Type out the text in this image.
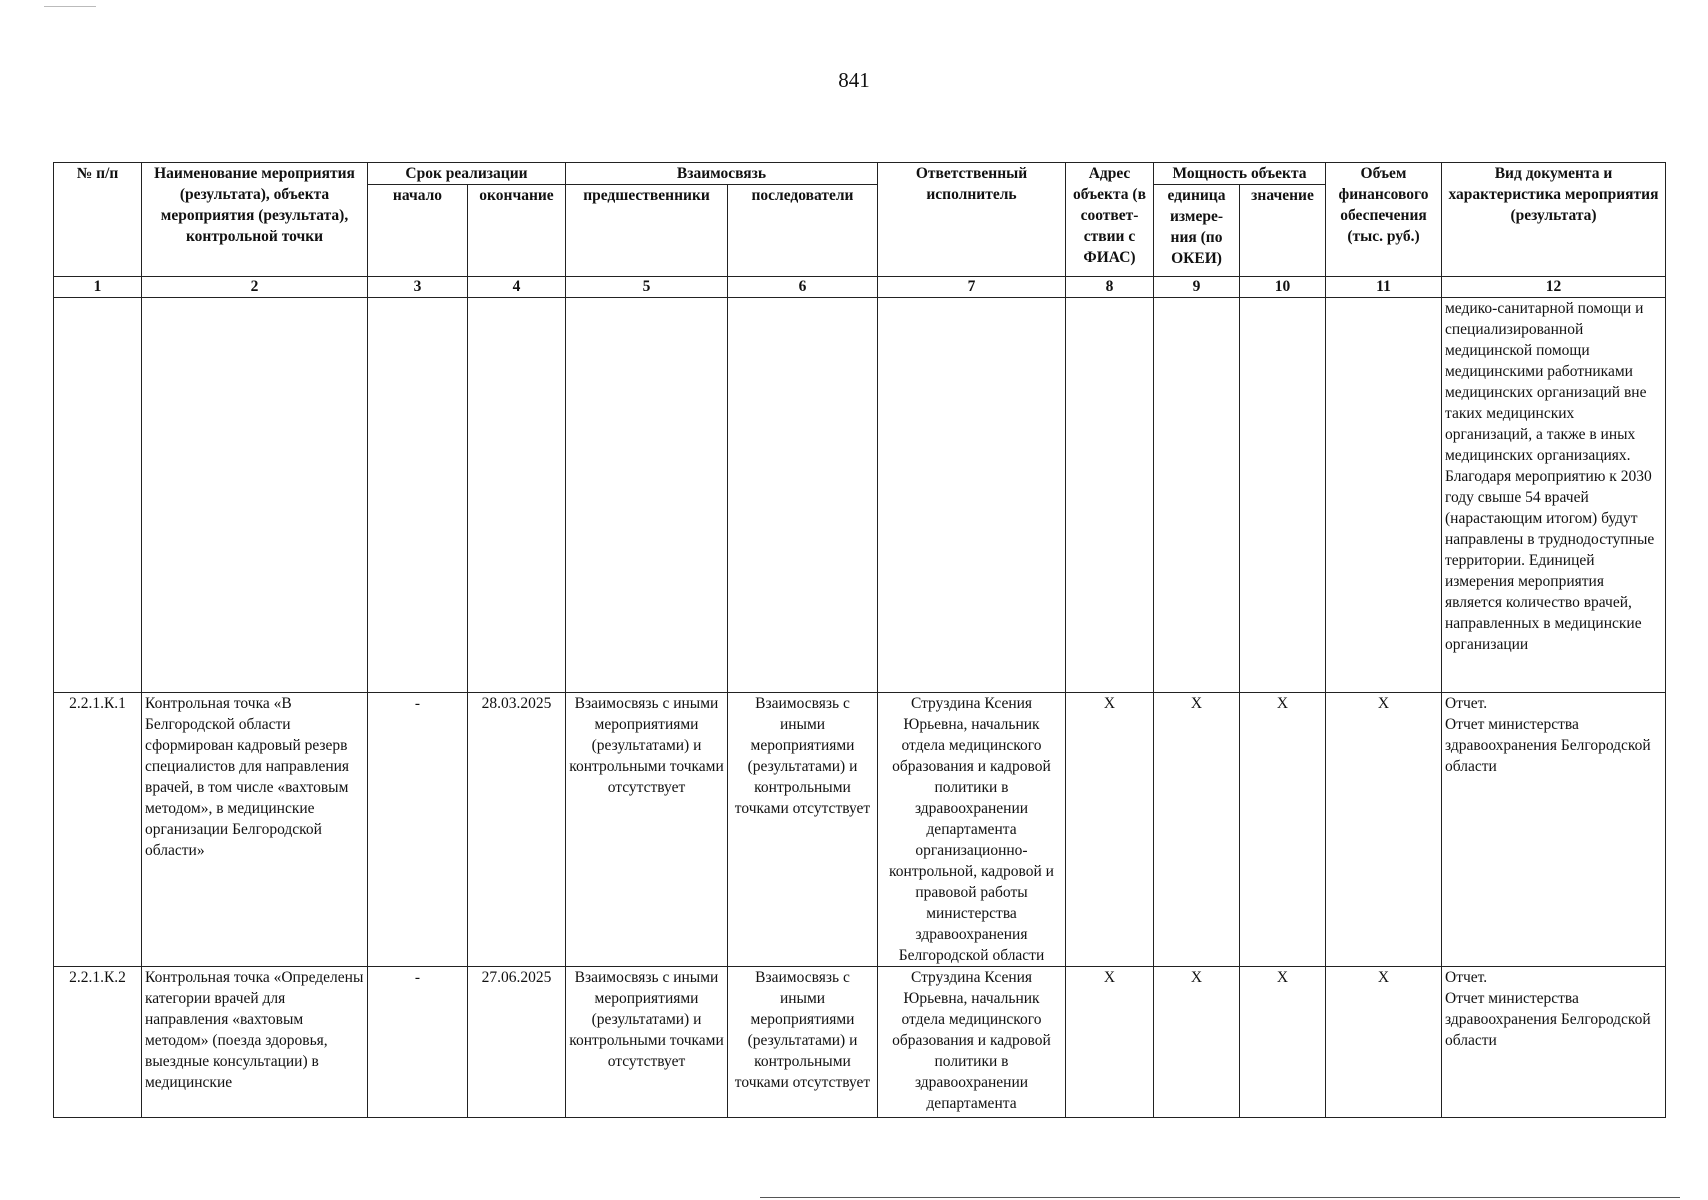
841
№ п/п	Наименование мероприятия (результата), объекта мероприятия (результата), контрольной точки	Срок реализации		Взаимосвязь		Ответственный исполнитель	Адрес объекта (в соответ-ствии с ФИАС)	Мощность объекта		Объем финансового обеспечения (тыс. руб.)	Вид документа и характеристика мероприятия (результата)
		начало	окончание	предшественники	последователи			единица измере-ния (по ОКЕИ)	значение		
1	2	3	4	5	6	7	8	9	10	11	12
											медико-санитарной помощи и специализированной медицинской помощи медицинскими работниками медицинских организаций вне таких медицинских организаций, а также в иных медицинских организациях. Благодаря мероприятию к 2030 году свыше 54 врачей (нарастающим итогом) будут направлены в труднодоступные территории. Единицей измерения мероприятия является количество врачей, направленных в медицинские организации
2.2.1.К.1	Контрольная точка «В Белгородской области сформирован кадровый резерв специалистов для направления врачей, в том числе «вахтовым методом», в медицинские организации Белгородской области»	-	28.03.2025	Взаимосвязь с иными мероприятиями (результатами) и контрольными точками отсутствует	Взаимосвязь с иными мероприятиями (результатами) и контрольными точками отсутствует	Струздина Ксения Юрьевна, начальник отдела медицинского образования и кадровой политики в здравоохранении департамента организационно-контрольной, кадровой и правовой работы министерства здравоохранения Белгородской области	X	X	X	X	Отчет.
Отчет министерства здравоохранения Белгородской области

2.2.1.К.2	Контрольная точка «Определены категории врачей для направления «вахтовым методом» (поезда здоровья, выездные консультации) в медицинские	-	27.06.2025	Взаимосвязь с иными мероприятиями (результатами) и контрольными точками отсутствует	Взаимосвязь с иными мероприятиями (результатами) и контрольными точками отсутствует	Струздина Ксения Юрьевна, начальник отдела медицинского образования и кадровой политики в здравоохранении департамента	X	X	X	X	Отчет.
Отчет министерства здравоохранения Белгородской области
